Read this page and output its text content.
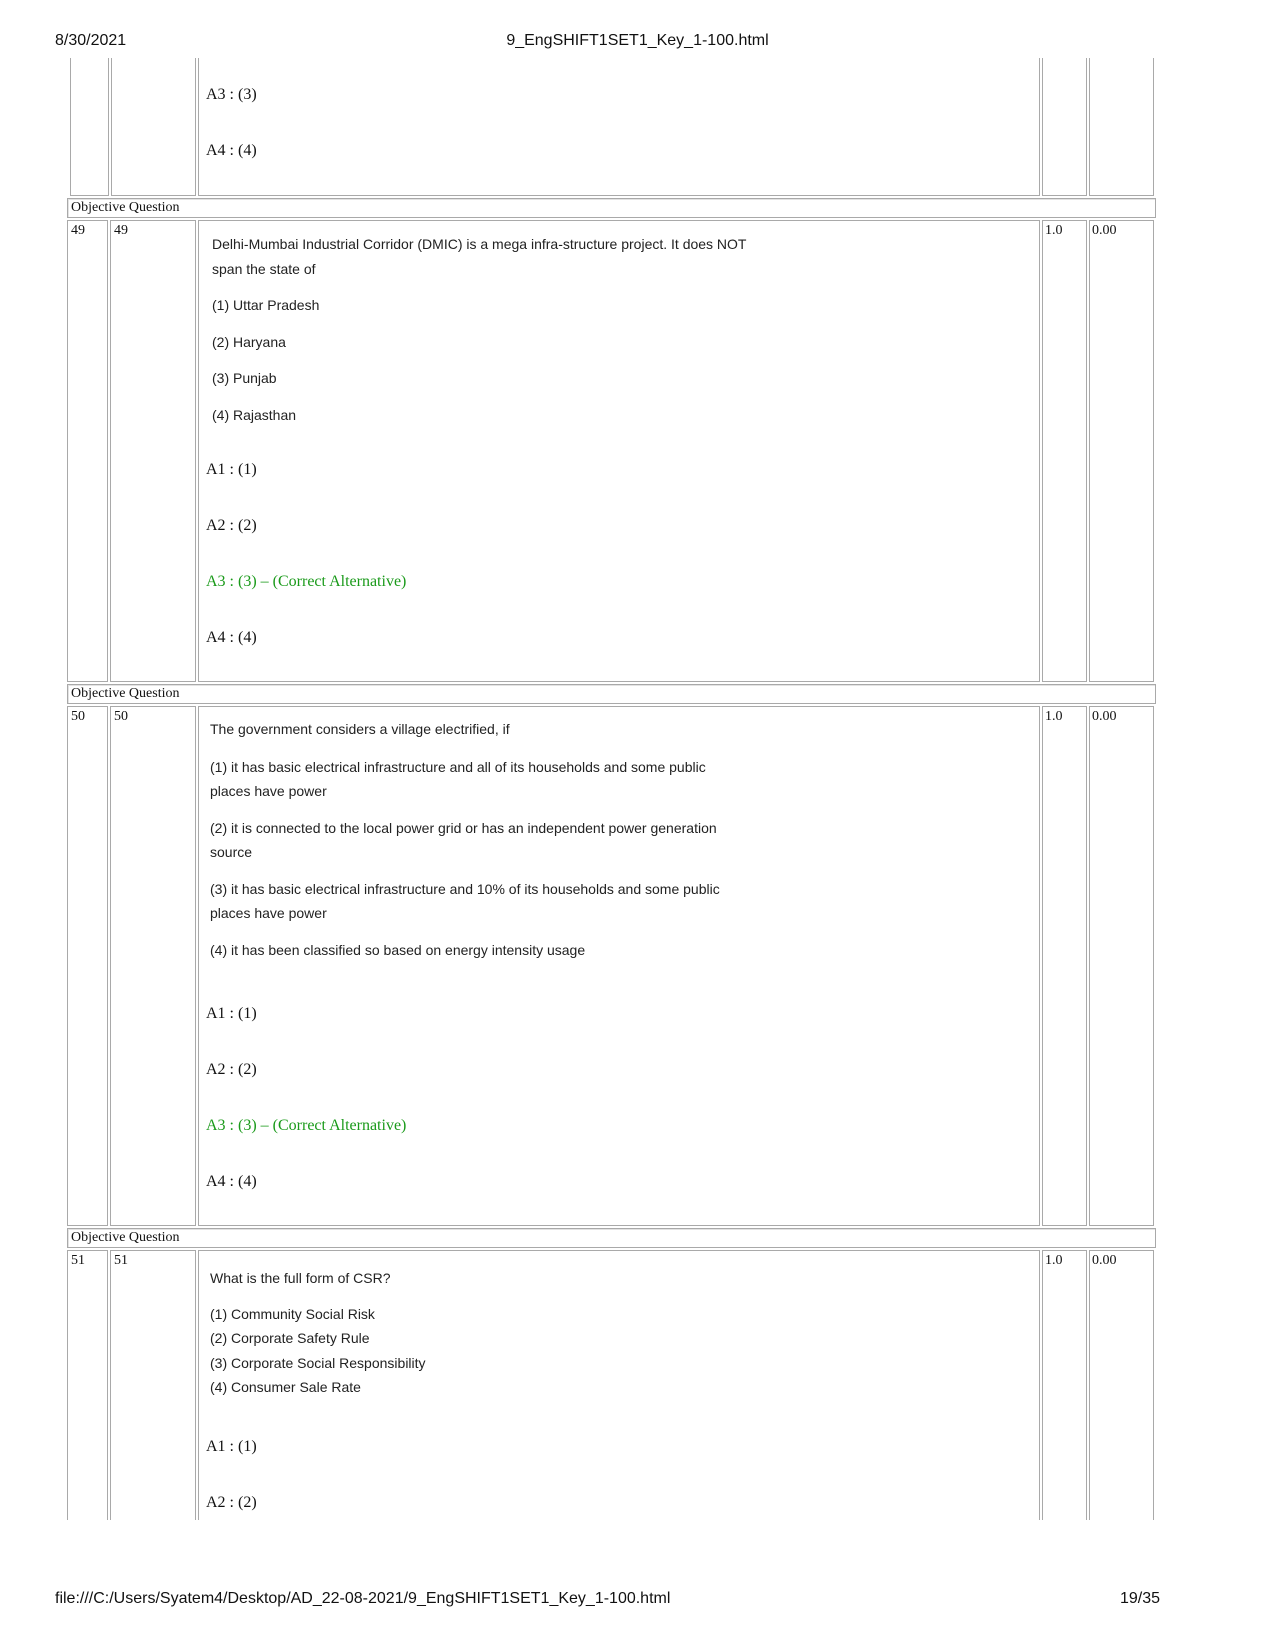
8/30/2021	9_EngSHIFT1SET1_Key_1-100.html
A3 : (3)
A4 : (4)
Objective Question
49 49
Delhi-Mumbai Industrial Corridor (DMIC) is a mega infra-structure project. It does NOT
span the state of
(1) Uttar Pradesh
(2) Haryana
(3) Punjab
(4) Rajasthan
A1 : (1)
A2 : (2)
A3 : (3) – (Correct Alternative)
A4 : (4)
1.0 0.00
Objective Question
50 50
The government considers a village electrified, if
(1) it has basic electrical infrastructure and all of its households and some public
places have power
(2) it is connected to the local power grid or has an independent power generation
source
(3) it has basic electrical infrastructure and 10% of its households and some public
places have power
(4) it has been classified so based on energy intensity usage
A1 : (1)
A2 : (2)
A3 : (3) – (Correct Alternative)
A4 : (4)
1.0 0.00
Objective Question
51 51
What is the full form of CSR?
(1) Community Social Risk
(2) Corporate Safety Rule
(3) Corporate Social Responsibility
(4) Consumer Sale Rate
A1 : (1)
A2 : (2)
1.0 0.00
file:///C:/Users/Syatem4/Desktop/AD_22-08-2021/9_EngSHIFT1SET1_Key_1-100.html	19/35
